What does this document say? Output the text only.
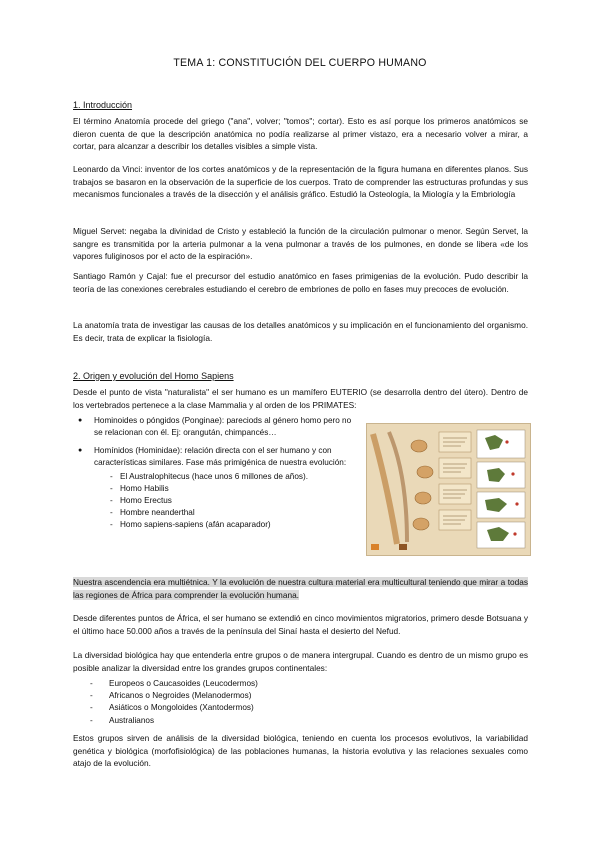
TEMA 1: CONSTITUCIÓN DEL CUERPO HUMANO
1. Introducción

El término Anatomía procede del griego ("ana", volver; "tomos"; cortar). Esto es así porque los primeros anatómicos se dieron cuenta de que la descripción anatómica no podía realizarse al primer vistazo, era a necesario volver a mirar, a cortar, para alcanzar a describir los detalles visibles a simple vista.

Leonardo da Vinci: inventor de los cortes anatómicos y de la representación de la figura humana en diferentes planos. Sus trabajos se basaron en la observación de la superficie de los cuerpos. Trato de comprender las estructuras profundas y sus mecanismos funcionales a través de la disección y el análisis gráfico. Estudió la Osteología, la Miología y la Embriología

Miguel Servet: negaba la divinidad de Cristo y estableció la función de la circulación pulmonar o menor. Según Servet, la sangre es transmitida por la arteria pulmonar a la vena pulmonar a través de los pulmones, en donde se libera «de los vapores fuliginosos por el acto de la espiración».

Santiago Ramón y Cajal: fue el precursor del estudio anatómico en fases primigenias de la evolución. Pudo describir la teoría de las conexiones cerebrales estudiando el cerebro de embriones de pollo en fases muy precoces de evolución.

La anatomía trata de investigar las causas de los detalles anatómicos y su implicación en el funcionamiento del organismo. Es decir, trata de explicar la fisiología.

2. Origen y evolución del Homo Sapiens

Desde el punto de vista "naturalista" el ser humano es un mamífero EUTERIO (se desarrolla dentro del útero). Dentro de los vertebrados pertenece a la clase Mammalia y al orden de los PRIMATES:

● Hominoides o póngidos (Ponginae): pareciods al género homo pero no se relacionan con él. Ej: orangután, chimpancés…
● Homínidos (Hominidae): relación directa con el ser humano y con características similares. Fase más primigénica de nuestra evolución:
- El Australophitecus (hace unos 6 millones de años).
- Homo Habilis
- Homo Erectus
- Hombre neanderthal
- Homo sapiens-sapiens (afán acaparador)

Nuestra ascendencia era multiétnica. Y la evolución de nuestra cultura material era multicultural teniendo que mirar a todas las regiones de África para comprender la evolución humana.

Desde diferentes puntos de África, el ser humano se extendió en cinco movimientos migratorios, primero desde Botsuana y el último hace 50.000 años a través de la península del Sinaí hasta el desierto del Nefud.

La diversidad biológica hay que entenderla entre grupos o de manera intergrupal. Cuando es dentro de un mismo grupo es posible analizar la diversidad entre los grandes grupos continentales:

- Europeos o Caucasoides (Leucodermos)
- Africanos o Negroides (Melanodermos)
- Asiáticos o Mongoloides (Xantodermos)
- Australianos

Estos grupos sirven de análisis de la diversidad biológica, teniendo en cuenta los procesos evolutivos, la variabilidad genética y biológica (morfofisiológica) de las poblaciones humanas, la historia evolutiva y las relaciones sexuales como atajo de la evolución.
